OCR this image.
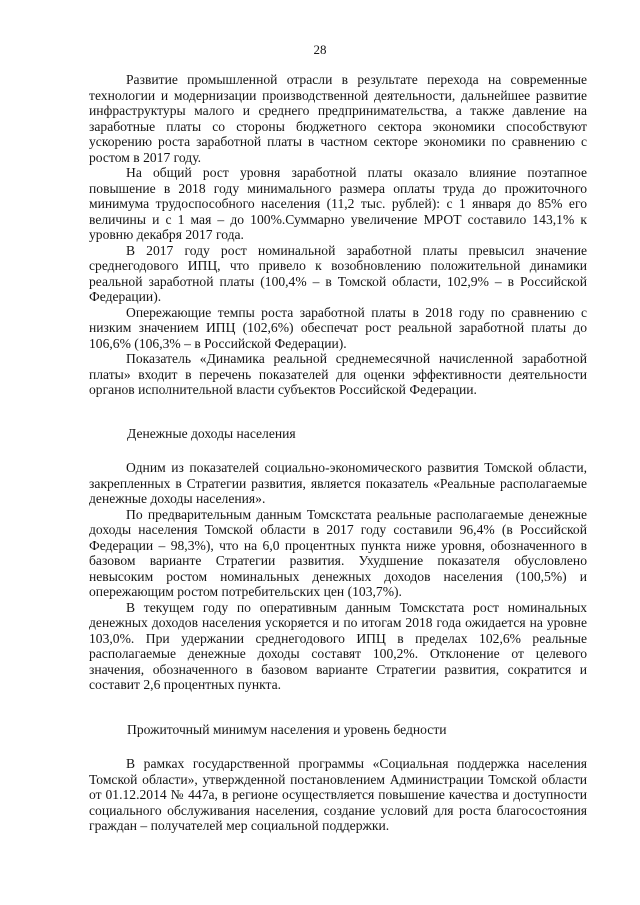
28

Развитие промышленной отрасли в результате перехода на современные технологии и модернизации производственной деятельности, дальнейшее развитие инфраструктуры малого и среднего предпринимательства, а также давление на заработные платы со стороны бюджетного сектора экономики способствуют ускорению роста заработной платы в частном секторе экономики по сравнению с ростом в 2017 году.

На общий рост уровня заработной платы оказало влияние поэтапное повышение в 2018 году минимального размера оплаты труда до прожиточного минимума трудоспособного населения (11,2 тыс. рублей): с 1 января до 85% его величины и с 1 мая – до 100%.Суммарно увеличение МРОТ составило 143,1% к уровню декабря 2017 года.

В 2017 году рост номинальной заработной платы превысил значение среднегодового ИПЦ, что привело к возобновлению положительной динамики реальной заработной платы (100,4% – в Томской области, 102,9% – в Российской Федерации).

Опережающие темпы роста заработной платы в 2018 году по сравнению с низким значением ИПЦ (102,6%) обеспечат рост реальной заработной платы до 106,6% (106,3% – в Российской Федерации).

Показатель «Динамика реальной среднемесячной начисленной заработной платы» входит в перечень показателей для оценки эффективности деятельности органов исполнительной власти субъектов Российской Федерации.

Денежные доходы населения

Одним из показателей социально-экономического развития Томской области, закрепленных в Стратегии развития, является показатель «Реальные располагаемые денежные доходы населения».

По предварительным данным Томскстата реальные располагаемые денежные доходы населения Томской области в 2017 году составили 96,4% (в Российской Федерации – 98,3%), что на 6,0 процентных пункта ниже уровня, обозначенного в базовом варианте Стратегии развития. Ухудшение показателя обусловлено невысоким ростом номинальных денежных доходов населения (100,5%) и опережающим ростом потребительских цен (103,7%).

В текущем году по оперативным данным Томскстата рост номинальных денежных доходов населения ускоряется и по итогам 2018 года ожидается на уровне 103,0%. При удержании среднегодового ИПЦ в пределах 102,6% реальные располагаемые денежные доходы составят 100,2%. Отклонение от целевого значения, обозначенного в базовом варианте Стратегии развития, сократится и составит 2,6 процентных пункта.

Прожиточный минимум населения и уровень бедности

В рамках государственной программы «Социальная поддержка населения Томской области», утвержденной постановлением Администрации Томской области от 01.12.2014 № 447а, в регионе осуществляется повышение качества и доступности социального обслуживания населения, создание условий для роста благосостояния граждан – получателей мер социальной поддержки.
